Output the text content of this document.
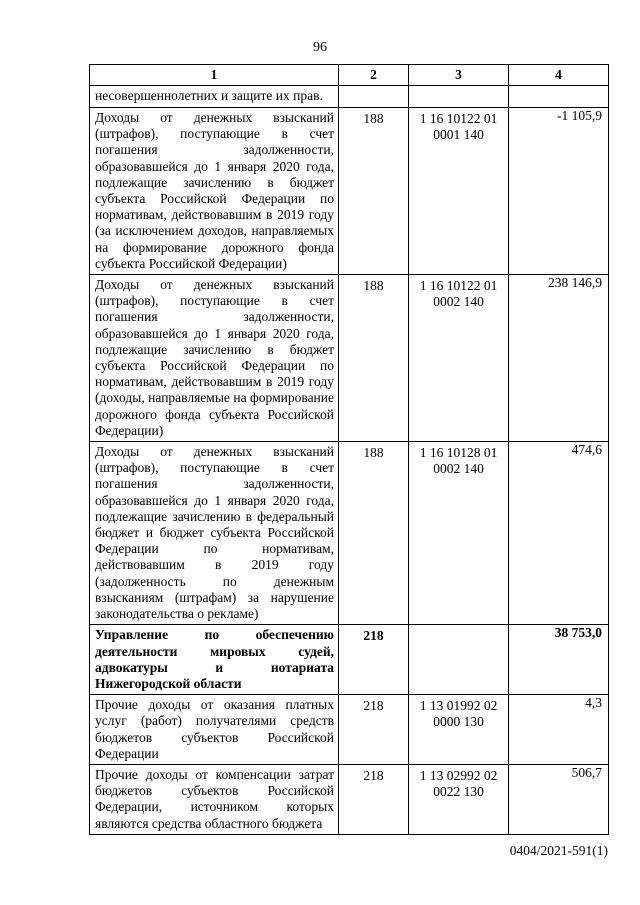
96
1	2	3	4
несовершеннолетних и защите их прав.			
Доходы от денежных взысканий (штрафов), поступающие в счет погашения задолженности, образовавшейся до 1 января 2020 года, подлежащие зачислению в бюджет субъекта Российской Федерации по нормативам, действовавшим в 2019 году (за исключением доходов, направляемых на формирование дорожного фонда субъекта Российской Федерации)	188	1 16 10122 01 0001 140	-1 105,9
Доходы от денежных взысканий (штрафов), поступающие в счет погашения задолженности, образовавшейся до 1 января 2020 года, подлежащие зачислению в бюджет субъекта Российской Федерации по нормативам, действовавшим в 2019 году (доходы, направляемые на формирование дорожного фонда субъекта Российской Федерации)	188	1 16 10122 01 0002 140	238 146,9
Доходы от денежных взысканий (штрафов), поступающие в счет погашения задолженности, образовавшейся до 1 января 2020 года, подлежащие зачислению в федеральный бюджет и бюджет субъекта Российской Федерации по нормативам, действовавшим в 2019 году (задолженность по денежным взысканиям (штрафам) за нарушение законодательства о рекламе)	188	1 16 10128 01 0002 140	474,6
Управление по обеспечению деятельности мировых судей, адвокатуры и нотариата Нижегородской области	218		38 753,0
Прочие доходы от оказания платных услуг (работ) получателями средств бюджетов субъектов Российской Федерации	218	1 13 01992 02 0000 130	4,3
Прочие доходы от компенсации затрат бюджетов субъектов Российской Федерации, источником которых являются средства областного бюджета	218	1 13 02992 02 0022 130	506,7
0404/2021-591(1)
